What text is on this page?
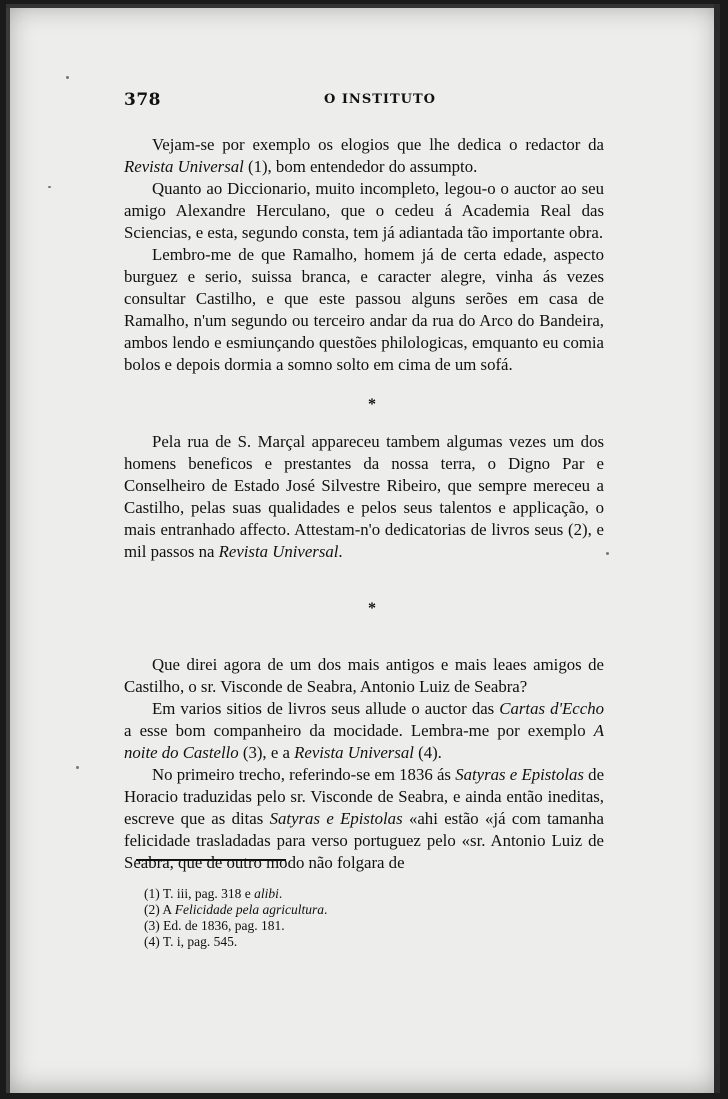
378	O INSTITUTO

Vejam-se por exemplo os elogios que lhe dedica o redactor da Revista Universal (1), bom entendedor do assumpto.

Quanto ao Diccionario, muito incompleto, legou-o o auctor ao seu amigo Alexandre Herculano, que o cedeu á Academia Real das Sciencias, e esta, segundo consta, tem já adiantada tão importante obra.

Lembro-me de que Ramalho, homem já de certa edade, aspecto burguez e serio, suissa branca, e caracter alegre, vinha ás vezes consultar Castilho, e que este passou alguns serões em casa de Ramalho, n'um segundo ou terceiro andar da rua do Arco do Bandeira, ambos lendo e esmiunçando questões philologicas, emquanto eu comia bolos e depois dormia a somno solto em cima de um sofá.

*

Pela rua de S. Marçal appareceu tambem algumas vezes um dos homens beneficos e prestantes da nossa terra, o Digno Par e Conselheiro de Estado José Silvestre Ribeiro, que sempre mereceu a Castilho, pelas suas qualidades e pelos seus talentos e applicação, o mais entranhado affecto. Attestam-n'o dedicatorias de livros seus (2), e mil passos na Revista Universal.

*

Que direi agora de um dos mais antigos e mais leaes amigos de Castilho, o sr. Visconde de Seabra, Antonio Luiz de Seabra?

Em varios sitios de livros seus allude o auctor das Cartas d'Eccho a esse bom companheiro da mocidade. Lembra-me por exemplo A noite do Castello (3), e a Revista Universal (4).

No primeiro trecho, referindo-se em 1836 ás Satyras e Epistolas de Horacio traduzidas pelo sr. Visconde de Seabra, e ainda então ineditas, escreve que as ditas Satyras e Epistolas «ahi estão «já com tamanha felicidade trasladadas para verso portuguez pelo «sr. Antonio Luiz de Seabra, que de outro modo não folgara de

(1) T. iii, pag. 318 e alibi.
(2) A Felicidade pela agricultura.
(3) Ed. de 1836, pag. 181.
(4) T. i, pag. 545.
